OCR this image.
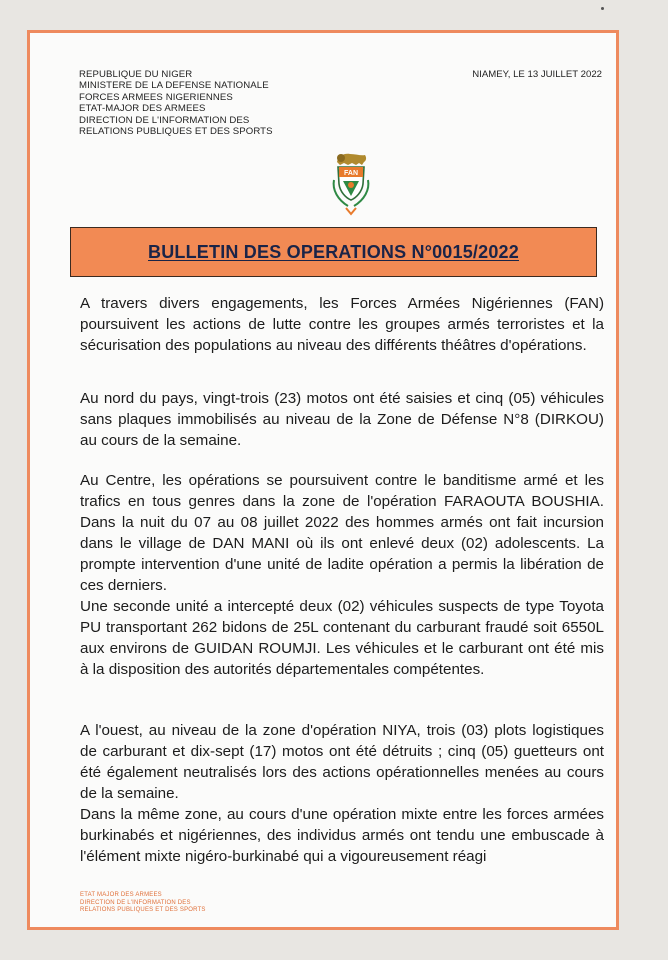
REPUBLIQUE DU NIGER
MINISTERE DE LA DEFENSE NATIONALE
FORCES ARMEES NIGERIENNES
ETAT-MAJOR DES ARMEES
DIRECTION DE L'INFORMATION DES
RELATIONS PUBLIQUES ET DES SPORTS
NIAMEY, LE 13 JUILLET 2022
FAN
BULLETIN DES OPERATIONS N°0015/2022

A travers divers engagements, les Forces Armées Nigériennes (FAN) poursuivent les actions de lutte contre les groupes armés terroristes et la sécurisation des populations au niveau des différents théâtres d'opérations.

Au nord du pays, vingt-trois (23) motos ont été saisies et cinq (05) véhicules sans plaques immobilisés au niveau de la Zone de Défense N°8 (DIRKOU) au cours de la semaine.

Au Centre, les opérations se poursuivent contre le banditisme armé et les trafics en tous genres dans la zone de l'opération FARAOUTA BOUSHIA. Dans la nuit du 07 au 08 juillet 2022 des hommes armés ont fait incursion dans le village de DAN MANI où ils ont enlevé deux (02) adolescents. La prompte intervention d'une unité de ladite opération a permis la libération de ces derniers.

Une seconde unité a intercepté deux (02) véhicules suspects de type Toyota PU transportant 262 bidons de 25L contenant du carburant fraudé soit 6550L aux environs de GUIDAN ROUMJI. Les véhicules et le carburant ont été mis à la disposition des autorités départementales compétentes.

A l'ouest, au niveau de la zone d'opération NIYA, trois (03) plots logistiques de carburant et dix-sept (17) motos ont été détruits ; cinq (05) guetteurs ont été également neutralisés lors des actions opérationnelles menées au cours de la semaine.

Dans la même zone, au cours d'une opération mixte entre les forces armées burkinabés et nigériennes, des individus armés ont tendu une embuscade à l'élément mixte nigéro-burkinabé qui a vigoureusement réagi

ETAT MAJOR DES ARMEES
DIRECTION DE L'INFORMATION DES
RELATIONS PUBLIQUES ET DES SPORTS
